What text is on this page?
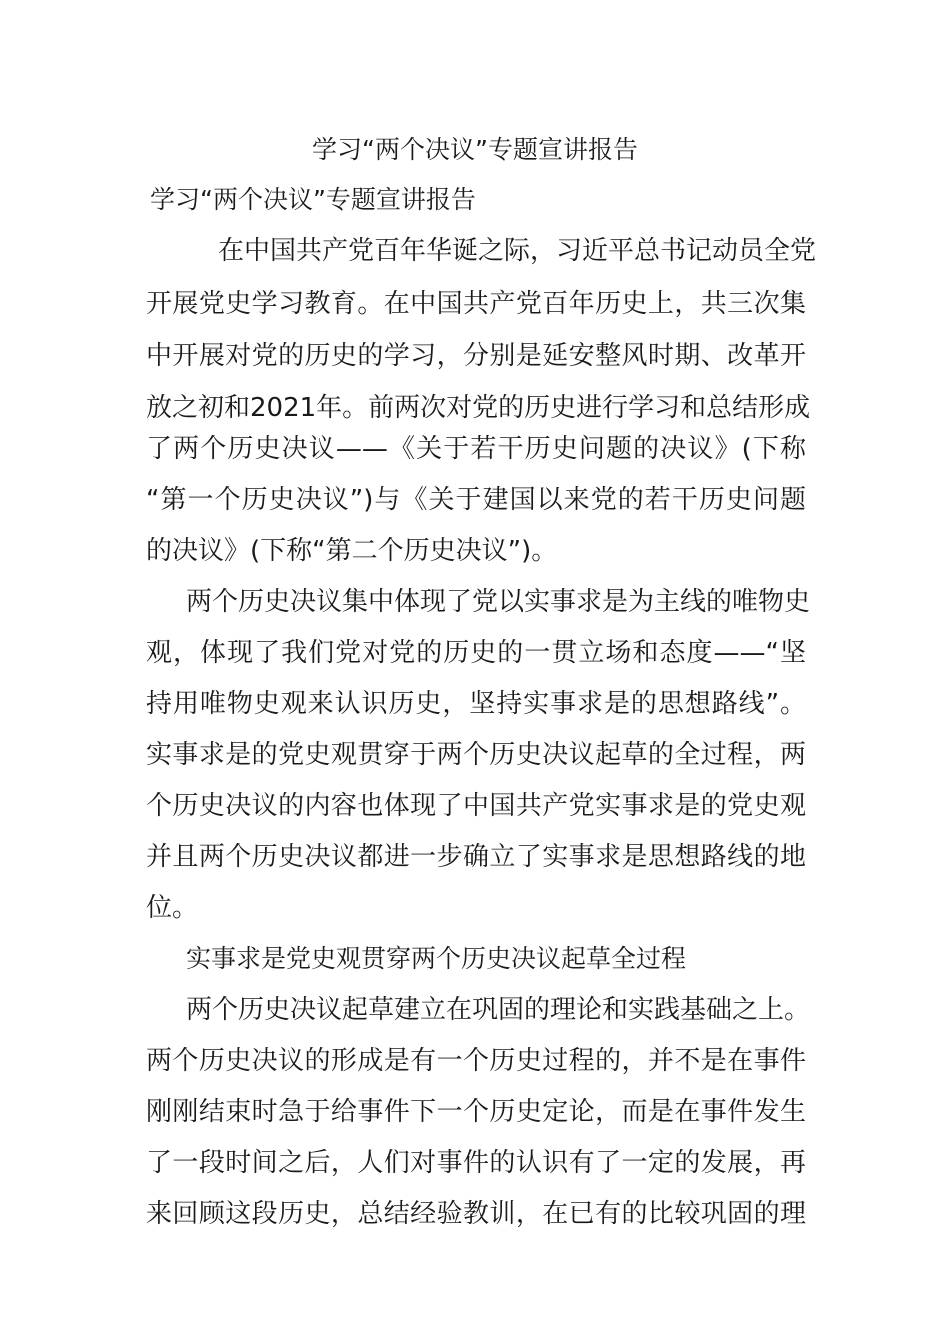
学习“两个决议”专题宣讲报告
学习“两个决议”专题宣讲报告
在中国共产党百年华诞之际，习近平总书记动员全党
开展党史学习教育。在中国共产党百年历史上，共三次集
中开展对党的历史的学习，分别是延安整风时期、改革开
放之初和2021年。前两次对党的历史进行学习和总结形成
了两个历史决议——《关于若干历史问题的决议》(下称
“第一个历史决议”)与《关于建国以来党的若干历史问题
的决议》(下称“第二个历史决议”)。
两个历史决议集中体现了党以实事求是为主线的唯物史
观，体现了我们党对党的历史的一贯立场和态度——“坚
持用唯物史观来认识历史，坚持实事求是的思想路线”。
实事求是的党史观贯穿于两个历史决议起草的全过程，两
个历史决议的内容也体现了中国共产党实事求是的党史观
并且两个历史决议都进一步确立了实事求是思想路线的地
位。
实事求是党史观贯穿两个历史决议起草全过程
两个历史决议起草建立在巩固的理论和实践基础之上。
两个历史决议的形成是有一个历史过程的，并不是在事件
刚刚结束时急于给事件下一个历史定论，而是在事件发生
了一段时间之后，人们对事件的认识有了一定的发展，再
来回顾这段历史，总结经验教训，在已有的比较巩固的理
